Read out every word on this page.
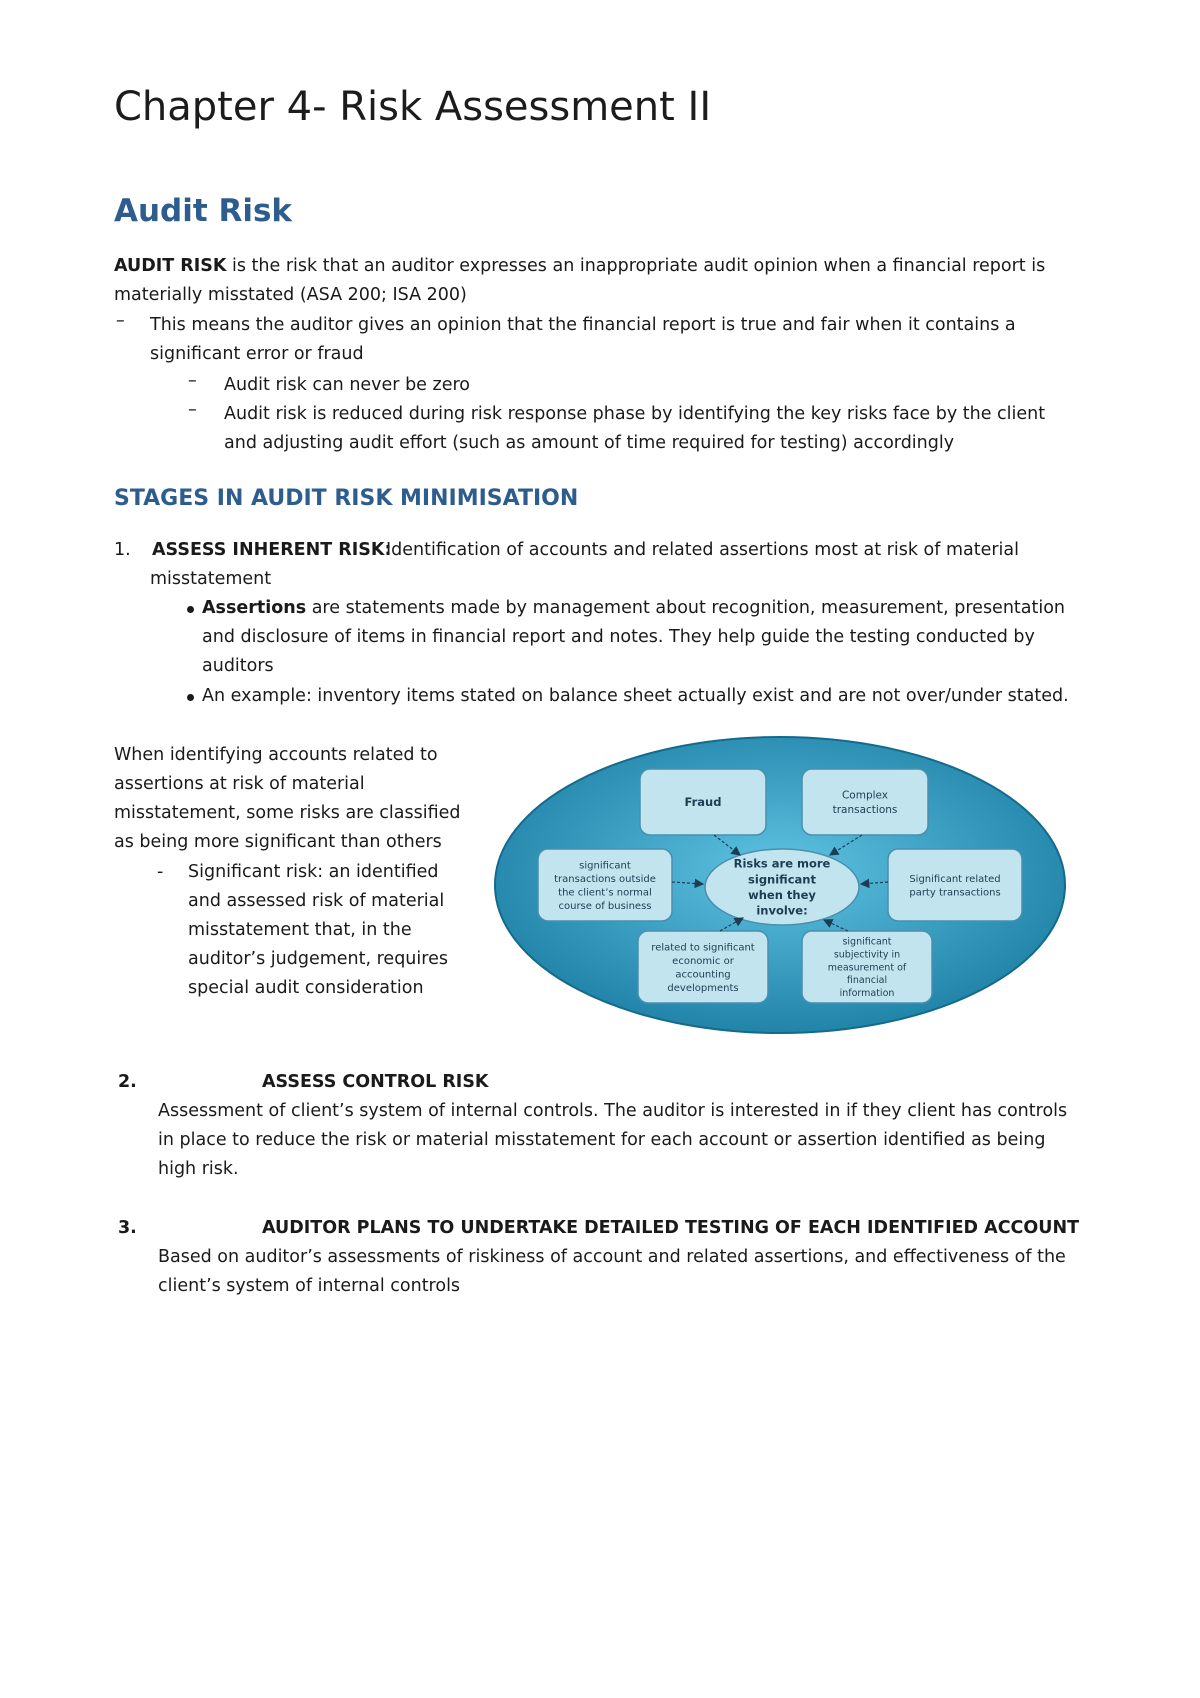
Chapter 4- Risk Assessment II
Audit Risk
AUDIT RISK is the risk that an auditor expresses an inappropriate audit opinion when a financial report is
materially misstated (ASA 200; ISA 200)
– This means the auditor gives an opinion that the financial report is true and fair when it contains a
significant error or fraud
– Audit risk can never be zero
– Audit risk is reduced during risk response phase by identifying the key risks face by the client
and adjusting audit effort (such as amount of time required for testing) accordingly
STAGES IN AUDIT RISK MINIMISATION
1. ASSESS INHERENT RISK:
Identification of accounts and related assertions most at risk of material
misstatement
Assertions are statements made by management about recognition, measurement, presentation
and disclosure of items in financial report and notes. They help guide the testing conducted by
auditors
An example: inventory items stated on balance sheet actually exist and are not over/under stated.
When identifying accounts related to
assertions at risk of material
misstatement, some risks are classified
as being more significant than others
- Significant risk: an identified
and assessed risk of material
misstatement that, in the
auditor’s judgement, requires
special audit consideration
Fraud	Complex
transactions
significant
transactions outside
the client’s normal
course of business
Significant related
party transactions
related to significant
economic or
accounting
developments
significant
subjectivity in
measurement of
financial
information
Risks are more
significant
when they
involve:
2.	ASSESS CONTROL RISK
Assessment of client’s system of internal controls. The auditor is interested in if they client has controls
in place to reduce the risk or material misstatement for each account or assertion identified as being
high risk.
3.	AUDITOR PLANS TO UNDERTAKE DETAILED TESTING OF EACH IDENTIFIED ACCOUNT
Based on auditor’s assessments of riskiness of account and related assertions, and effectiveness of the
client’s system of internal controls
